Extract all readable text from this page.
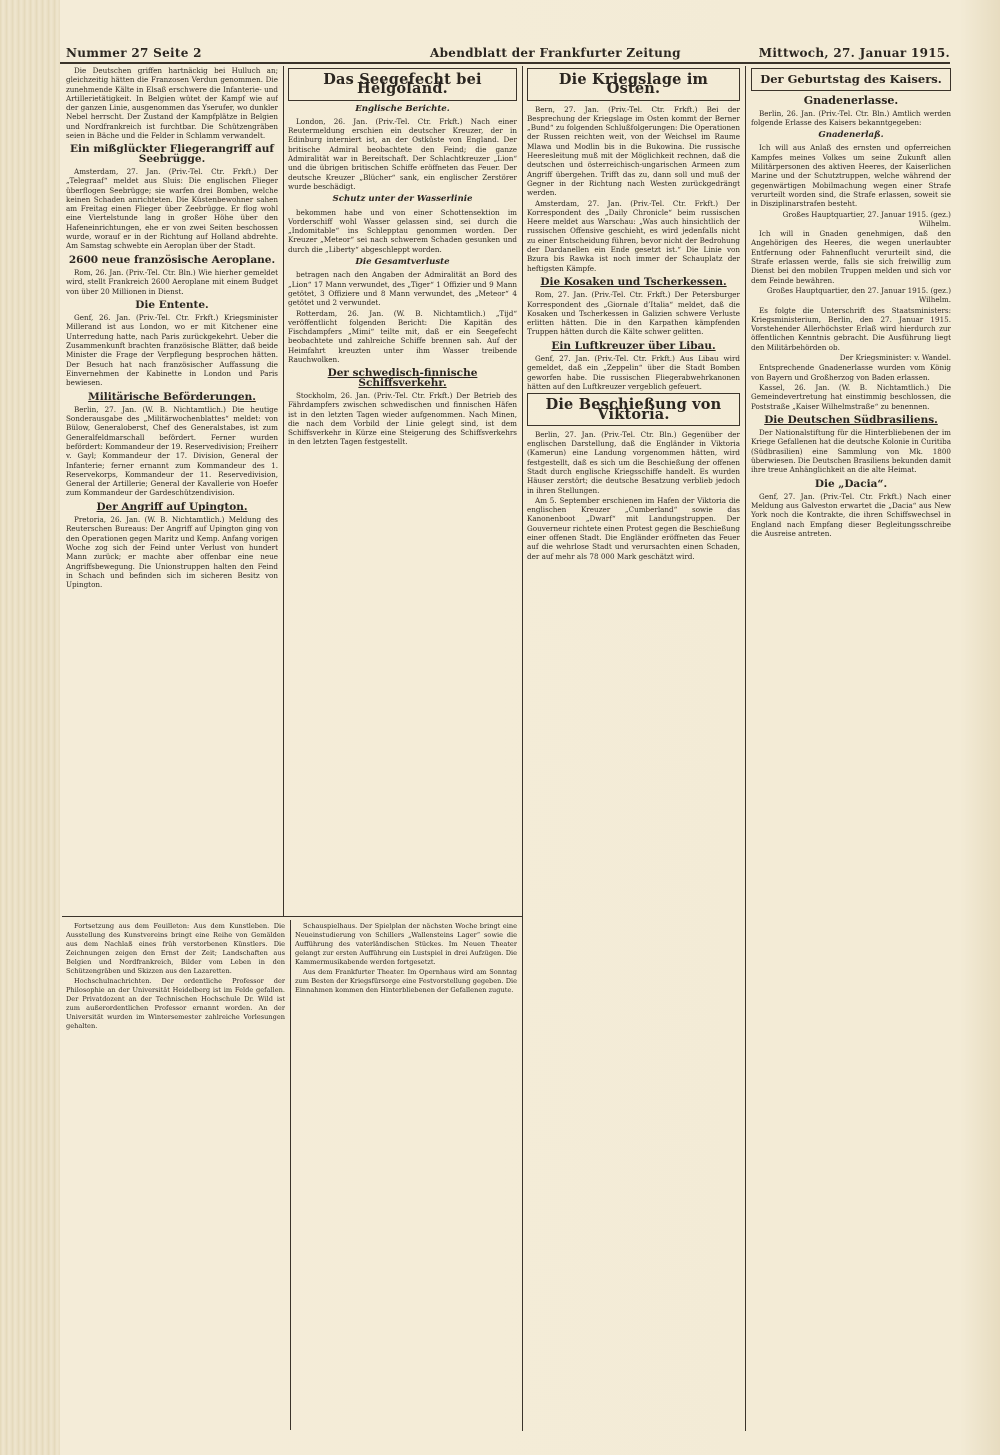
Nummer 27 Seite 2	Abendblatt der Frankfurter Zeitung	Mittwoch, 27. Januar 1915.

Die Deutschen griffen hartnäckig bei Hulluch an; gleichzeitig hätten die Franzosen Verdun genommen. Die zunehmende Kälte in Elsaß erschwere die Infanterie- und Artillerietätigkeit. In Belgien wütet der Kampf wie auf der ganzen Linie, ausgenommen das Yserufer, wo dunkler Nebel herrscht. Der Zustand der Kampfplätze in Belgien und Nordfrankreich ist furchtbar. Die Schützengräben seien in Bäche und die Felder in Schlamm verwandelt.

Ein mißglückter Fliegerangriff auf Seebrügge.

Amsterdam, 27. Jan. (Priv.-Tel. Ctr. Frkft.) Der „Telegraaf“ meldet aus Sluis: Die englischen Flieger überflogen Seebrügge; sie warfen drei Bomben, welche keinen Schaden anrichteten. Die Küstenbewohner sahen am Freitag einen Flieger über Zeebrügge. Er flog wohl eine Viertelstunde lang in großer Höhe über den Hafeneinrichtungen, ehe er von zwei Seiten beschossen wurde, worauf er in der Richtung auf Holland abdrehte. Am Samstag schwebte ein Aeroplan über der Stadt.

2600 neue französische Aeroplane.

Rom, 26. Jan. (Priv.-Tel. Ctr. Bln.) Wie hierher gemeldet wird, stellt Frankreich 2600 Aeroplane mit einem Budget von über 20 Millionen in Dienst.

Die Entente.

Genf, 26. Jan. (Priv.-Tel. Ctr. Frkft.) Kriegsminister Millerand ist aus London, wo er mit Kitchener eine Unterredung hatte, nach Paris zurückgekehrt. Ueber die Zusammenkunft brachten französische Blätter, daß beide Minister die Frage der Verpflegung besprochen hätten. Der Besuch hat nach französischer Auffassung die Einvernehmen der Kabinette in London und Paris bewiesen.

Militärische Beförderungen.

Berlin, 27. Jan. (W. B. Nichtamtlich.) Die heutige Sonderausgabe des „Militärwochenblattes“ meldet: von Bülow, Generaloberst, Chef des Generalstabes, ist zum Generalfeldmarschall befördert. Ferner wurden befördert: Kommandeur der 19. Reservedivision; Freiherr v. Gayl; Kommandeur der 17. Division, General der Infanterie; ferner ernannt zum Kommandeur des 1. Reservekorps, Kommandeur der 11. Reservedivision, General der Artillerie; General der Kavallerie von Hoefer zum Kommandeur der Gardeschützendivision.

Der Angriff auf Upington.

Pretoria, 26. Jan. (W. B. Nichtamtlich.) Meldung des Reuterschen Bureaus: Der Angriff auf Upington ging von den Operationen gegen Maritz und Kemp. Anfang vorigen Woche zog sich der Feind unter Verlust von hundert Mann zurück; er machte aber offenbar eine neue Angriffsbewegung. Die Unionstruppen halten den Feind in Schach und befinden sich im sicheren Besitz von Upington.

Das Seegefecht bei Helgoland.
Englische Berichte.

London, 26. Jan. (Priv.-Tel. Ctr. Frkft.) Nach einer Reutermeldung erschien ein deutscher Kreuzer, der in Edinburg interniert ist, an der Ostküste von England. Der britische Admiral beobachtete den Feind; die ganze Admiralität war in Bereitschaft. Der Schlachtkreuzer „Lion“ und die übrigen britischen Schiffe eröffneten das Feuer. Der deutsche Kreuzer „Blücher“ sank, ein englischer Zerstörer wurde beschädigt.

Schutz unter der Wasserlinie

bekommen habe und von einer Schottensektion im Vorderschiff wohl Wasser gelassen sind, sei durch die „Indomitable“ ins Schlepptau genommen worden. Der Kreuzer „Meteor“ sei nach schwerem Schaden gesunken und durch die „Liberty“ abgeschleppt worden.

Die Gesamtverluste

betragen nach den Angaben der Admiralität an Bord des „Lion“ 17 Mann verwundet, des „Tiger“ 1 Offizier und 9 Mann getötet, 3 Offiziere und 8 Mann verwundet, des „Meteor“ 4 getötet und 2 verwundet.

Rotterdam, 26. Jan. (W. B. Nichtamtlich.) „Tijd“ veröffentlicht folgenden Bericht: Die Kapitän des Fischdampfers „Mimi“ teilte mit, daß er ein Seegefecht beobachtete und zahlreiche Schiffe brennen sah. Auf der Heimfahrt kreuzten unter ihm Wasser treibende Rauchwolken.

Der schwedisch-finnische Schiffsverkehr.

Stockholm, 26. Jan. (Priv.-Tel. Ctr. Frkft.) Der Betrieb des Fährdampfers zwischen schwedischen und finnischen Häfen ist in den letzten Tagen wieder aufgenommen. Nach Minen, die nach dem Vorbild der Linie gelegt sind, ist dem Schiffsverkehr in Kürze eine Steigerung des Schiffsverkehrs in den letzten Tagen festgestellt.

Die Kriegslage im Osten.

Bern, 27. Jan. (Priv.-Tel. Ctr. Frkft.) Bei der Besprechung der Kriegslage im Osten kommt der Berner „Bund“ zu folgenden Schlußfolgerungen: Die Operationen der Russen reichten weit, von der Weichsel im Raume Mlawa und Modlin bis in die Bukowina. Die russische Heeresleitung muß mit der Möglichkeit rechnen, daß die deutschen und österreichisch-ungarischen Armeen zum Angriff übergehen. Trifft das zu, dann soll und muß der Gegner in der Richtung nach Westen zurückgedrängt werden.

Amsterdam, 27. Jan. (Priv.-Tel. Ctr. Frkft.) Der Korrespondent des „Daily Chronicle“ beim russischen Heere meldet aus Warschau: „Was auch hinsichtlich der russischen Offensive geschieht, es wird jedenfalls nicht zu einer Entscheidung führen, bevor nicht der Bedrohung der Dardanellen ein Ende gesetzt ist.“ Die Linie von Bzura bis Rawka ist noch immer der Schauplatz der heftigsten Kämpfe.

Die Kosaken und Tscherkessen.

Rom, 27. Jan. (Priv.-Tel. Ctr. Frkft.) Der Petersburger Korrespondent des „Giornale d’Italia“ meldet, daß die Kosaken und Tscherkessen in Galizien schwere Verluste erlitten hätten. Die in den Karpathen kämpfenden Truppen hätten durch die Kälte schwer gelitten.

Ein Luftkreuzer über Libau.

Genf, 27. Jan. (Priv.-Tel. Ctr. Frkft.) Aus Libau wird gemeldet, daß ein „Zeppelin“ über die Stadt Bomben geworfen habe. Die russischen Fliegerabwehrkanonen hätten auf den Luftkreuzer vergeblich gefeuert.

Die Beschießung von Viktoria.

Berlin, 27. Jan. (Priv.-Tel. Ctr. Bln.) Gegenüber der englischen Darstellung, daß die Engländer in Viktoria (Kamerun) eine Landung vorgenommen hätten, wird festgestellt, daß es sich um die Beschießung der offenen Stadt durch englische Kriegsschiffe handelt. Es wurden Häuser zerstört; die deutsche Besatzung verblieb jedoch in ihren Stellungen.

Am 5. September erschienen im Hafen der Viktoria die englischen Kreuzer „Cumberland“ sowie das Kanonenboot „Dwarf“ mit Landungstruppen. Der Gouverneur richtete einen Protest gegen die Beschießung einer offenen Stadt. Die Engländer eröffneten das Feuer auf die wehrlose Stadt und verursachten einen Schaden, der auf mehr als 78 000 Mark geschätzt wird.

Der Geburtstag des Kaisers.
Gnadenerlasse.

Berlin, 26. Jan. (Priv.-Tel. Ctr. Bln.) Amtlich werden folgende Erlasse des Kaisers bekanntgegeben:

Gnadenerlaß.

Ich will aus Anlaß des ernsten und opferreichen Kampfes meines Volkes um seine Zukunft allen Militärpersonen des aktiven Heeres, der Kaiserlichen Marine und der Schutztruppen, welche während der gegenwärtigen Mobilmachung wegen einer Strafe verurteilt worden sind, die Strafe erlassen, soweit sie in Disziplinarstrafen besteht.

Großes Hauptquartier, 27. Januar 1915. (gez.) Wilhelm.

Ich will in Gnaden genehmigen, daß den Angehörigen des Heeres, die wegen unerlaubter Entfernung oder Fahnenflucht verurteilt sind, die Strafe erlassen werde, falls sie sich freiwillig zum Dienst bei den mobilen Truppen melden und sich vor dem Feinde bewähren.

Großes Hauptquartier, den 27. Januar 1915. (gez.) Wilhelm.

Es folgte die Unterschrift des Staatsministers: Kriegsministerium, Berlin, den 27. Januar 1915. Vorstehender Allerhöchster Erlaß wird hierdurch zur öffentlichen Kenntnis gebracht. Die Ausführung liegt den Militärbehörden ob.

Der Kriegsminister: v. Wandel.

Entsprechende Gnadenerlasse wurden vom König von Bayern und Großherzog von Baden erlassen.

Kassel, 26. Jan. (W. B. Nichtamtlich.) Die Gemeindevertretung hat einstimmig beschlossen, die Poststraße „Kaiser Wilhelmstraße“ zu benennen.

Die Deutschen Südbrasiliens.

Der Nationalstiftung für die Hinterbliebenen der im Kriege Gefallenen hat die deutsche Kolonie in Curitiba (Südbrasilien) eine Sammlung von Mk. 1800 überwiesen. Die Deutschen Brasiliens bekunden damit ihre treue Anhänglichkeit an die alte Heimat.

Die „Dacia“.

Genf, 27. Jan. (Priv.-Tel. Ctr. Frkft.) Nach einer Meldung aus Galveston erwartet die „Dacia“ aus New York noch die Kontrakte, die ihren Schiffswechsel in England nach Empfang dieser Begleitungsschreibe die Ausreise antreten.

Fortsetzung aus dem Feuilleton: Aus dem Kunstleben. Die Ausstellung des Kunstvereins bringt eine Reihe von Gemälden aus dem Nachlaß eines früh verstorbenen Künstlers. Die Zeichnungen zeigen den Ernst der Zeit; Landschaften aus Belgien und Nordfrankreich, Bilder vom Leben in den Schützengräben und Skizzen aus den Lazaretten.

Hochschulnachrichten. Der ordentliche Professor der Philosophie an der Universität Heidelberg ist im Felde gefallen. Der Privatdozent an der Technischen Hochschule Dr. Wild ist zum außerordentlichen Professor ernannt worden. An der Universität wurden im Wintersemester zahlreiche Vorlesungen gehalten.

Schauspielhaus. Der Spielplan der nächsten Woche bringt eine Neueinstudierung von Schillers „Wallensteins Lager“ sowie die Aufführung des vaterländischen Stückes. Im Neuen Theater gelangt zur ersten Aufführung ein Lustspiel in drei Aufzügen. Die Kammermusikabende werden fortgesetzt.

Aus dem Frankfurter Theater. Im Opernhaus wird am Sonntag zum Besten der Kriegsfürsorge eine Festvorstellung gegeben. Die Einnahmen kommen den Hinterbliebenen der Gefallenen zugute.
